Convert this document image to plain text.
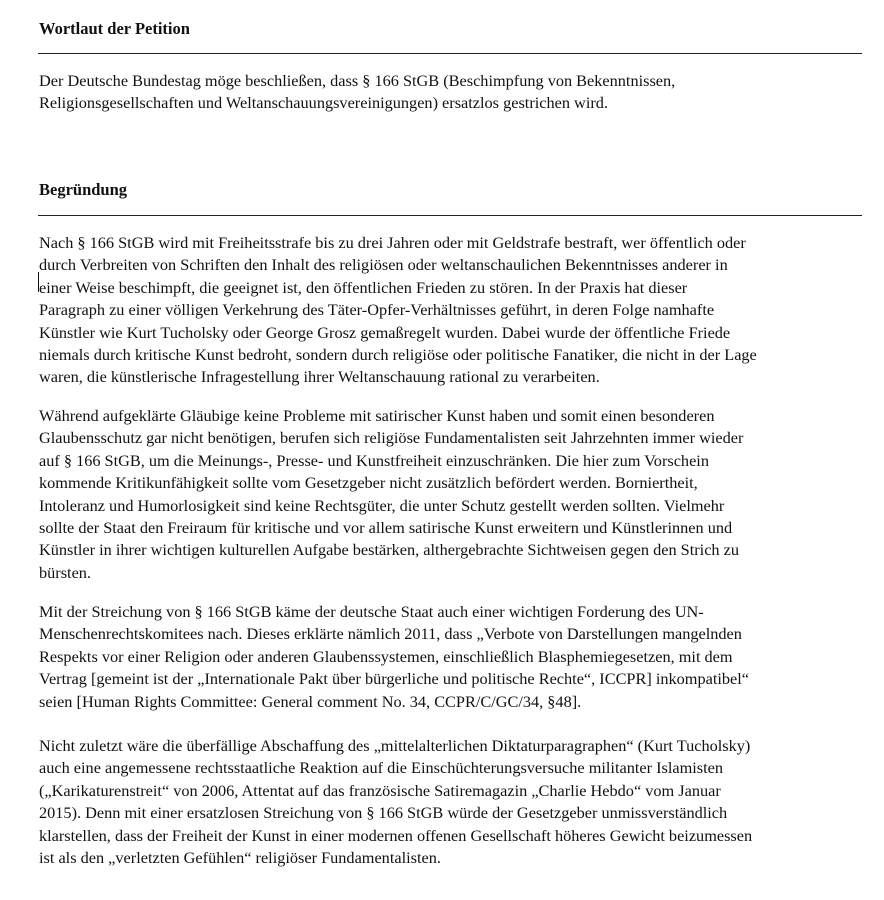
Wortlaut der Petition
Der Deutsche Bundestag möge beschließen, dass § 166 StGB (Beschimpfung von Bekenntnissen,
Religionsgesellschaften und Weltanschauungsvereinigungen) ersatzlos gestrichen wird.
Begründung
Nach § 166 StGB wird mit Freiheitsstrafe bis zu drei Jahren oder mit Geldstrafe bestraft, wer öffentlich oder
durch Verbreiten von Schriften den Inhalt des religiösen oder weltanschaulichen Bekenntnisses anderer in
einer Weise beschimpft, die geeignet ist, den öffentlichen Frieden zu stören. In der Praxis hat dieser
Paragraph zu einer völligen Verkehrung des Täter-Opfer-Verhältnisses geführt, in deren Folge namhafte
Künstler wie Kurt Tucholsky oder George Grosz gemaßregelt wurden. Dabei wurde der öffentliche Friede
niemals durch kritische Kunst bedroht, sondern durch religiöse oder politische Fanatiker, die nicht in der Lage
waren, die künstlerische Infragestellung ihrer Weltanschauung rational zu verarbeiten.
Während aufgeklärte Gläubige keine Probleme mit satirischer Kunst haben und somit einen besonderen
Glaubensschutz gar nicht benötigen, berufen sich religiöse Fundamentalisten seit Jahrzehnten immer wieder
auf § 166 StGB, um die Meinungs-, Presse- und Kunstfreiheit einzuschränken. Die hier zum Vorschein
kommende Kritikunfähigkeit sollte vom Gesetzgeber nicht zusätzlich befördert werden. Borniertheit,
Intoleranz und Humorlosigkeit sind keine Rechtsgüter, die unter Schutz gestellt werden sollten. Vielmehr
sollte der Staat den Freiraum für kritische und vor allem satirische Kunst erweitern und Künstlerinnen und
Künstler in ihrer wichtigen kulturellen Aufgabe bestärken, althergebrachte Sichtweisen gegen den Strich zu
bürsten.
Mit der Streichung von § 166 StGB käme der deutsche Staat auch einer wichtigen Forderung des UN-
Menschenrechtskomitees nach. Dieses erklärte nämlich 2011, dass „Verbote von Darstellungen mangelnden
Respekts vor einer Religion oder anderen Glaubenssystemen, einschließlich Blasphemiegesetzen, mit dem
Vertrag [gemeint ist der „Internationale Pakt über bürgerliche und politische Rechte“, ICCPR] inkompatibel“
seien [Human Rights Committee: General comment No. 34, CCPR/C/GC/34, §48].
Nicht zuletzt wäre die überfällige Abschaffung des „mittelalterlichen Diktaturparagraphen“ (Kurt Tucholsky)
auch eine angemessene rechtsstaatliche Reaktion auf die Einschüchterungsversuche militanter Islamisten
(„Karikaturenstreit“ von 2006, Attentat auf das französische Satiremagazin „Charlie Hebdo“ vom Januar
2015). Denn mit einer ersatzlosen Streichung von § 166 StGB würde der Gesetzgeber unmissverständlich
klarstellen, dass der Freiheit der Kunst in einer modernen offenen Gesellschaft höheres Gewicht beizumessen
ist als den „verletzten Gefühlen“ religiöser Fundamentalisten.
